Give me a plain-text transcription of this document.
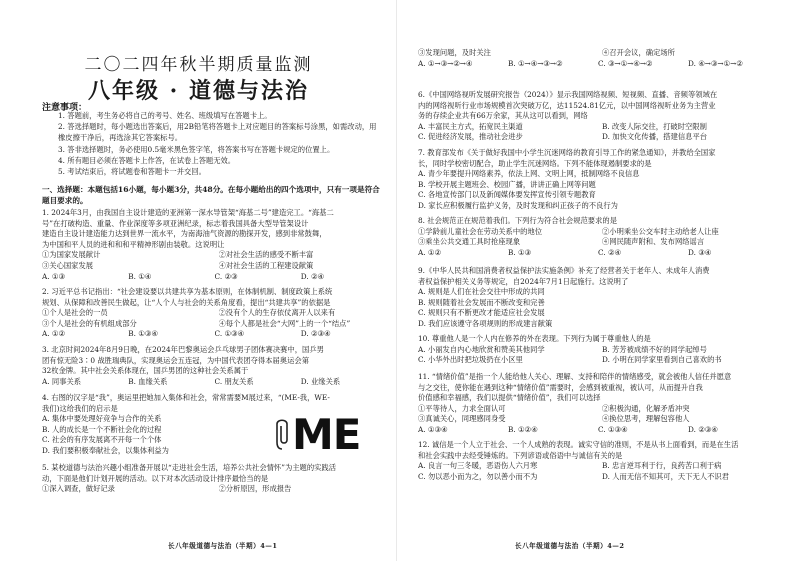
二〇二四年秋半期质量监测
八年级 · 道德与法治
注意事项：
1. 答题前，考生务必将自己的考号、姓名、班级填写在答题卡上。
2. 答选择题时，每小题选出答案后，用2B铅笔将答题卡上对应题目的答案标号涂黑，如需改动，用
橡皮擦干净后，再选涂其它答案标号。
3. 答非选择题时，务必使用0.5毫米黑色签字笔，将答案书写在答题卡规定的位置上。
4. 所有题目必须在答题卡上作答，在试卷上答题无效。
5. 考试结束后，将试题卷和答题卡一并交回。
一、选择题：本题包括16小题，每小题3分，共48分。在每小题给出的四个选项中，只有一项是符合题目要求的。
1. 2024年3月，由我国自主设计建造的亚洲第一深水导管架“海基二号”建造完工。“海基二
号”在打破构造、重量、作业深度等多项亚洲纪录，标志着我国具备大型导管架设计
建造自主设计建造能力达到世界一流水平，为南海油气资源的勘探开发，感到非常鼓舞，
为中国和平人员的进和和和平精神形剧由装敬。这说明让
①为国家发展献计	②对社会生活的感受不断丰富
③关心国家发展	④对社会生活的工程建设献策
A. ①③	B. ①④	C. ②③	D. ②④
2. 习近平总书记指出：“社会建设要以共建共享为基本原则，在体制机制、制度政策上系统
规划、从保障和改善民生做起，让“人个人与社会的关系角度看，提出“共建共享”的依据是
①个人是社会的一员	②没有个人的生存依仗离开人以来有
③个人是社会的有机组成部分	④每个人都是社会“大网”上的一个“结点”
A. ①②	B. ①③④	C. ①③④	D. ②③④
3. 北京时间2024年8月9日晚，在2024年巴黎奥运会乒乓球男子团体赛决赛中，国乒男
团有惊无险3∶0 战胜瑞典队，实现奥运会五连冠，为中国代表团夺得本届奥运会第
32枚金牌。其中社会关系体现在，国乒男团的这种社会关系属于
A. 同事关系	B. 血缘关系	C. 朋友关系	D. 业缘关系
4. 右图的汉字是“我”，奥运里把她加入集体和社会，常常需要M展过来，“(ME-我，WE-
我们)这给我们的启示是
A. 集体中要处理好竞争与合作的关系
B. 人的成长是一个不断社会化的过程
C. 社会的有序发展离不开每一个个体
D. 我们要积极奉献社会，以集体利益为	ME
5. 某校道德与法治兴趣小组准备开展以“走进社会生活，培养公共社会情怀”为主题的实践活
动，下面是他们计划开展的活动。以下对本次活动设计排序最恰当的是
①深入调查，做好记录	②分析原因，形成报告
长八年级道德与法治（半期）4—1
③发现问题，及时关注	④召开会议，确定场所
A. ①→③→②→④	B. ①→④→③→②	C. ③→①→④→②	D. ④→③→①→②
6.《中国网络视听发展研究报告（2024）》显示我国网络视频、短视频、直播、音频等领域在
内的网络视听行业市场规模首次突破万亿，达11524.81亿元，以中国网络视听业务为主营业
务的存续企业共有66万余家，其从这可以看到，网络
A. 丰富民主方式，拓宽民主渠道	B. 改变人际交往，打破时空限制
C. 促进经济发展，推动社会进步	D. 加快文化传播，搭建信息平台
7. 教育部发布《关于做好我国中小学生沉迷网络的教育引导工作的紧急通知》，并教给全国家
长，同时学校密切配合，助止学生沉迷网络。下列不能体现遏制要求的是
A. 青少年要提升网络素养，依法上网、文明上网，抵制网络不良信息
B. 学校开展主题班会、校园广播，讲讲正确上网等问题
C. 各地宣传部门以及新闻媒体要发挥宣传引领专题教育
D. 家长应积极履行监护义务，及时发现和纠正孩子的不良行为
8. 社会规范正在规范着我们。下列行为符合社会规范要求的是
①学龄前儿童社会在劳动关系中的地位	②小明乘坐公交车时主动给老人让座
③乘坐公共交通工具时抢座现象	④网民随声附和、发布网络谣言
A. ①②	B. ①③	C. ②④	D. ③④
9.《中华人民共和国消费者权益保护法实施条例》补充了经营者关于老年人、未成年人消费
者权益保护相关义务等规定，自2024年7月1日起施行。这说明了
A. 规则是人们在社会交往中形成的共同
B. 规则随着社会发展而不断改变和完善
C. 规则只有不断更改才能适应社会发展
D. 我们应该遵守各项规则的形成建言献策
10. 尊重他人是一个人内在修养的外在表现。下列行为属于尊重他人的是
A. 小丽发自内心地欣赏和赞美其他同学	B. 芳芳被成绩不好的同学起绰号
C. 小华外出时把垃圾扔在小区里	D. 小明在同学家里看到自己喜欢的书
11. “情绪价值”是指一个人能给他人关心、理解、支持和陪伴的情绪感受，就会被他人信任并愿意
与之交往，使你能在遇到这种“情绪价值”需要时，会感到被重视，被认可，从而提升自我
价值感和幸福感，我们以提供“情绪价值”，我们可以选择
①平等待人，力求全面认可	②积极沟通，化解矛盾冲突
③真诚关心，同理感同身受	④换位思考，理解包容他人
A. ①③④	B. ①②④	C. ①③④	D. ②③④
12. 诚信是一个人立于社会、一个人成熟的表现。诚实守信的准则，不是从书上面看到，而是在生活
和社会实践中去经受锤炼的。下列谚语或俗语中与诚信有关的是
A. 良言一句三冬暖，恶语伤人六月寒	B. 忠言逆耳利于行，良药苦口利于病
C. 勿以恶小而为之，勿以善小而不为	D. 人而无信不知其可，天下无人不识君
长八年级道德与法治（半期）4—2
